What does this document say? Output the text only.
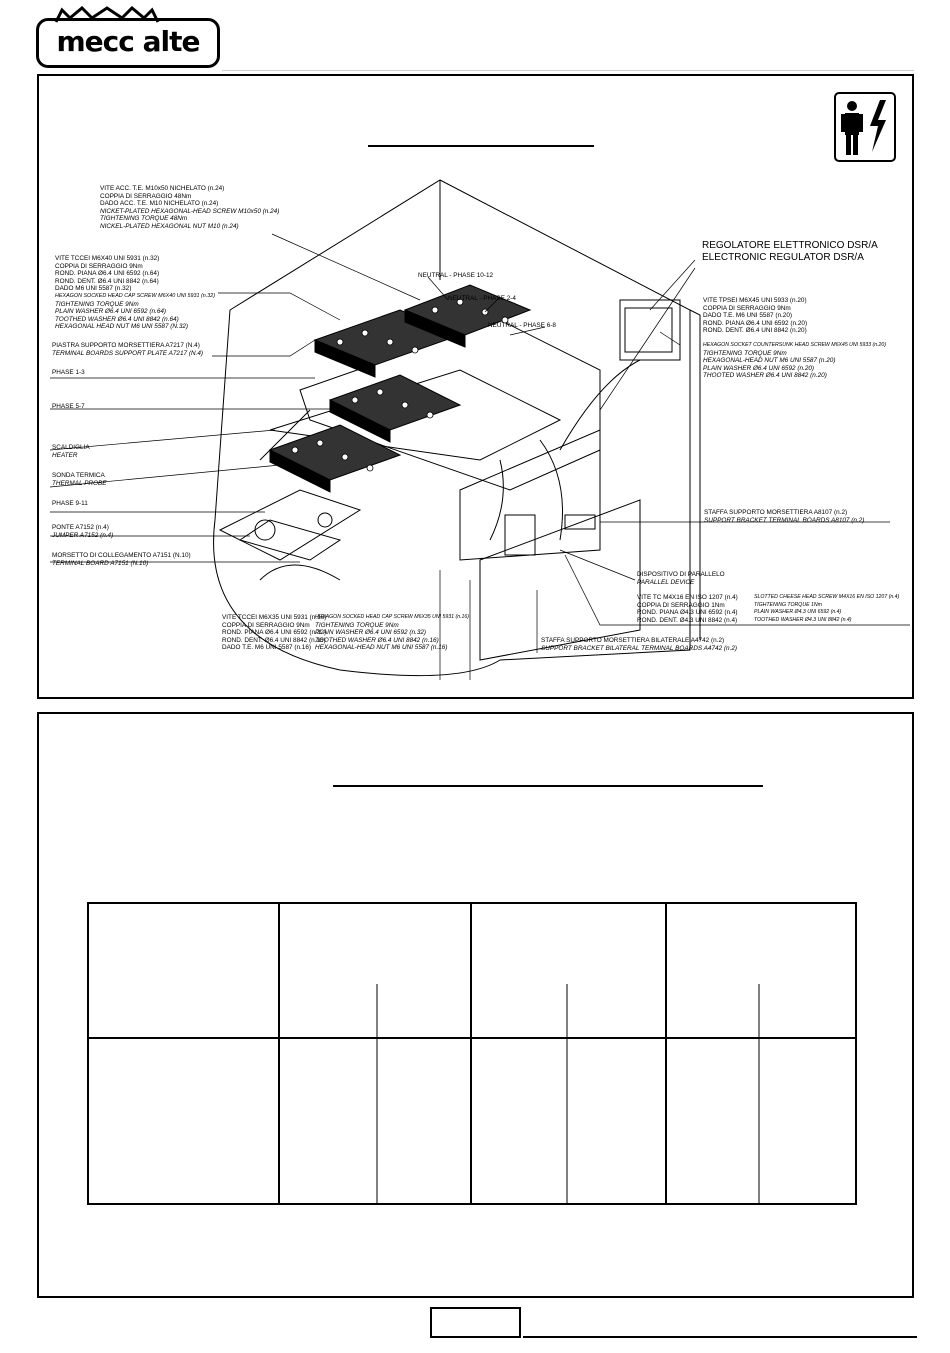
mecc alte
VITE ACC. T.E. M10x50 NICHELATO (n.24)
COPPIA DI SERRAGGIO 48Nm
DADO ACC. T.E. M10 NICHELATO (n.24)
NICKET-PLATED HEXAGONAL-HEAD SCREW M10x50 (n.24)
TIGHTENING TORQUE 48Nm
NICKEL-PLATED HEXAGONAL NUT M10 (n.24)
VITE TCCEI M6X40 UNI 5931 (n.32)
COPPIA DI SERRAGGIO 9Nm
ROND. PIANA Ø6.4 UNI 6592 (n.64)
ROND. DENT. Ø6.4 UNI 8842 (n.64)
DADO M6 UNI 5587 (n.32)
HEXAGON SOCKED HEAD CAP SCREW M6X40 UNI 5931 (n.32)
TIGHTENING TORQUE 9Nm
PLAIN WASHER Ø6.4 UNI 6592 (n.64)
TOOTHED WASHER Ø6.4 UNI 8842 (n.64)
HEXAGONAL HEAD NUT M6 UNI 5587 (N.32)
PIASTRA SUPPORTO MORSETTIERA A7217 (N.4)
TERMINAL BOARDS SUPPORT PLATE A7217 (N.4)
PHASE 1-3
PHASE 5-7
SCALDIGLIA
HEATER
SONDA TERMICA
THERMAL PROBE
PHASE 9-11
PONTE A7152 (n.4)
JUMPER A7152 (n.4)
MORSETTO DI COLLEGAMENTO A7151 (N.10)
TERMINAL BOARD A7151 (N.10)
NEUTRAL - PHASE 10-12
NEUTRAL - PHASE 2-4
NEUTRAL - PHASE 6-8
REGOLATORE ELETTRONICO DSR/A
ELECTRONIC REGULATOR DSR/A
VITE TPSEI M6X45 UNI 5933 (n.20)
COPPIA DI SERRAGGIO 9Nm
DADO T.E. M6 UNI 5587 (n.20)
ROND. PIANA Ø6.4 UNI 6592 (n.20)
ROND. DENT. Ø6.4 UNI 8842 (n.20)
HEXAGON SOCKET COUNTERSUNK HEAD SCREW M6X45 UNI 5933 (n.20)
TIGHTENING TORQUE 9Nm
HEXAGONAL-HEAD NUT M6 UNI 5587 (n.20)
PLAIN WASHER Ø6.4 UNI 6592 (n.20)
THOOTED WASHER Ø6.4 UNI 8842 (n.20)
STAFFA SUPPORTO MORSETTIERA A8107 (n.2)
SUPPORT BRACKET TERMINAL BOARDS A8107 (n.2)
DISPOSITIVO DI PARALLELO
PARALLEL DEVICE
VITE TC M4X16 EN ISO 1207 (n.4)
COPPIA DI SERRAGGIO 1Nm
ROND. PIANA Ø4.3 UNI 6592 (n.4)
ROND. DENT. Ø4.3 UNI 8842 (n.4)
SLOTTED CHEESE HEAD SCREW M4X16 EN ISO 1207 (n.4)
TIGHTENING TORQUE 1Nm
PLAIN WASHER Ø4.3 UNI 6592 (n.4)
TOOTHED WASHER Ø4.3 UNI 8842 (n.4)
VITE TCCEI M6X35 UNI 5931 (n.16)
COPPIA DI SERRAGGIO 9Nm
ROND. PIANA Ø6.4 UNI 6592 (n.32)
ROND. DENT. Ø6.4 UNI 8842 (n.16)
DADO T.E. M6 UNI 5587 (n.16)
HEXAGON SOCKED HEAD CAP SCREW M6X35 UNI 5931 (n.16)
TIGHTENING TORQUE 9Nm
PLAIN WASHER Ø6.4 UNI 6592 (n.32)
TOOTHED WASHER Ø6.4 UNI 8842 (n.16)
HEXAGONAL-HEAD NUT M6 UNI 5587 (n.16)
STAFFA SUPPORTO MORSETTIERA BILATERALE A4742 (n.2)
SUPPORT BRACKET BILATERAL TERMINAL BOARDS A4742 (n.2)
